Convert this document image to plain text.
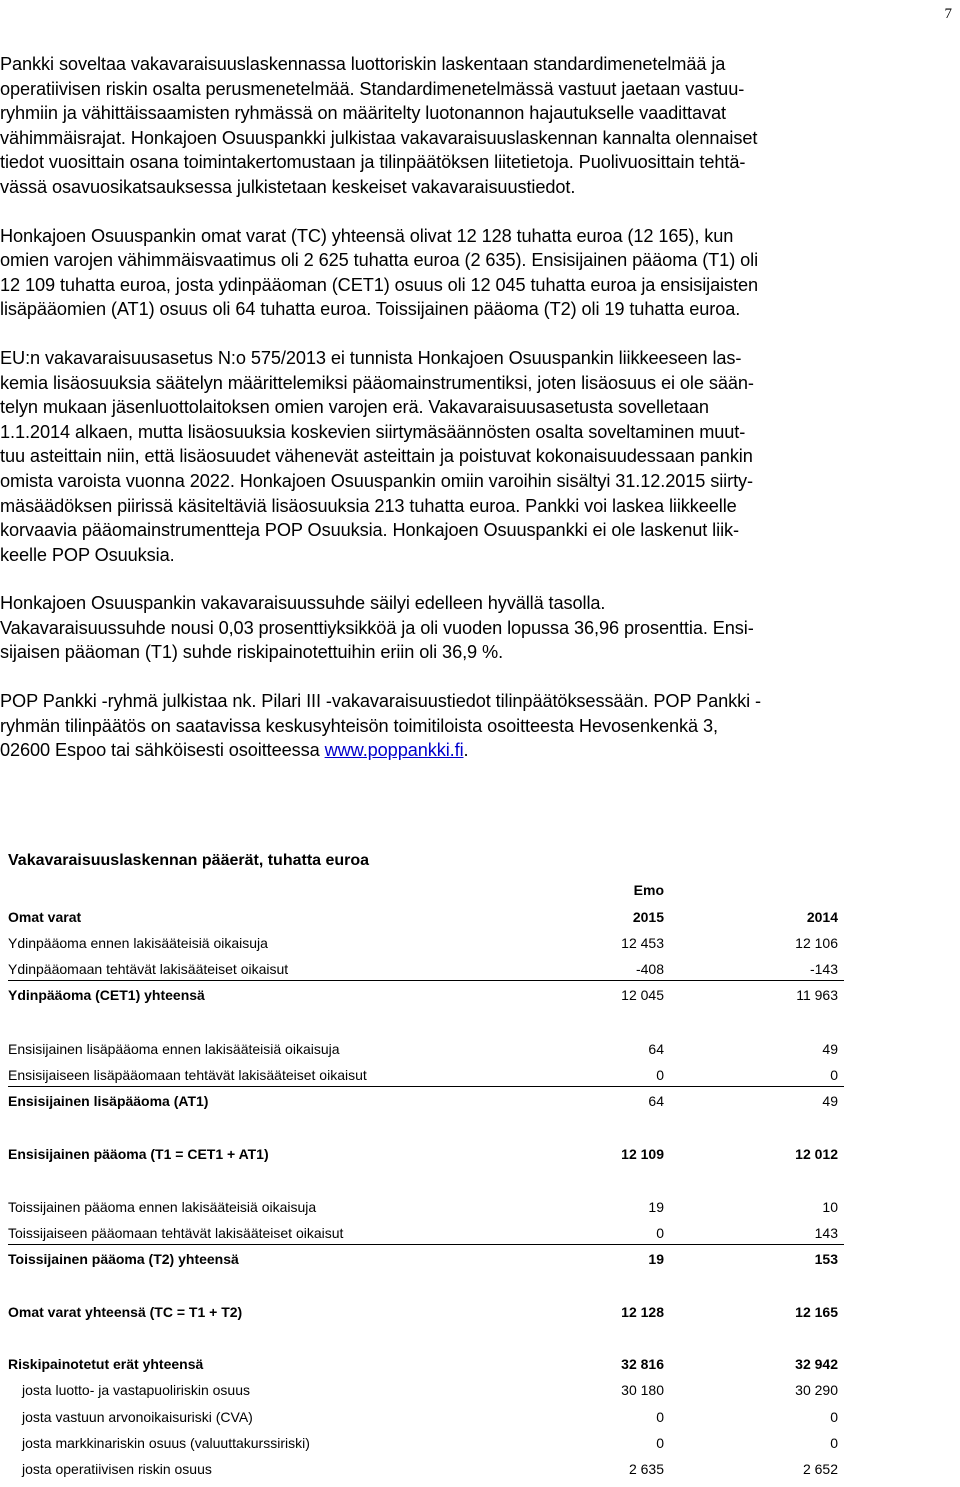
7

Pankki soveltaa vakavaraisuuslaskennassa luottoriskin laskentaan standardimenetelmää ja
operatiivisen riskin osalta perusmenetelmää. Standardimenetelmässä vastuut jaetaan vastuu-
ryhmiin ja vähittäissaamisten ryhmässä on määritelty luotonannon hajautukselle vaadittavat
vähimmäisrajat. Honkajoen Osuuspankki julkistaa vakavaraisuuslaskennan kannalta olennaiset
tiedot vuosittain osana toimintakertomustaan ja tilinpäätöksen liitetietoja. Puolivuosittain tehtä-
vässä osavuosikatsauksessa julkistetaan keskeiset vakavaraisuustiedot.

Honkajoen Osuuspankin omat varat (TC) yhteensä olivat 12 128 tuhatta euroa (12 165), kun
omien varojen vähimmäisvaatimus oli 2 625 tuhatta euroa (2 635). Ensisijainen pääoma (T1) oli
12 109 tuhatta euroa, josta ydinpääoman (CET1) osuus oli 12 045 tuhatta euroa ja ensisijaisten
lisäpääomien (AT1) osuus oli 64 tuhatta euroa. Toissijainen pääoma (T2) oli 19 tuhatta euroa.

EU:n vakavaraisuusasetus N:o 575/2013 ei tunnista Honkajoen Osuuspankin liikkeeseen las-
kemia lisäosuuksia säätelyn määrittelemiksi pääomainstrumentiksi, joten lisäosuus ei ole sään-
telyn mukaan jäsenluottolaitoksen omien varojen erä. Vakavaraisuusasetusta sovelletaan
1.1.2014 alkaen, mutta lisäosuuksia koskevien siirtymäsäännösten osalta soveltaminen muut-
tuu asteittain niin, että lisäosuudet vähenevät asteittain ja poistuvat kokonaisuudessaan pankin
omista varoista vuonna 2022. Honkajoen Osuuspankin omiin varoihin sisältyi 31.12.2015 siirty-
mäsäädöksen piirissä käsiteltäviä lisäosuuksia 213 tuhatta euroa. Pankki voi laskea liikkeelle
korvaavia pääomainstrumentteja POP Osuuksia. Honkajoen Osuuspankki ei ole laskenut liik-
keelle POP Osuuksia.

Honkajoen Osuuspankin vakavaraisuussuhde säilyi edelleen hyvällä tasolla.
Vakavaraisuussuhde nousi 0,03 prosenttiyksikköä ja oli vuoden lopussa 36,96 prosenttia. Ensi-
sijaisen pääoman (T1) suhde riskipainotettuihin eriin oli 36,9 %.

POP Pankki -ryhmä julkistaa nk. Pilari III -vakavaraisuustiedot tilinpäätöksessään. POP Pankki -
ryhmän tilinpäätös on saatavissa keskusyhteisön toimitiloista osoitteesta Hevosenkenkä 3,
02600 Espoo tai sähköisesti osoitteessa www.poppankki.fi.

Vakavaraisuuslaskennan pääerät, tuhatta euroa
Emo
Omat varat	2015	2014
Ydinpääoma ennen lakisääteisiä oikaisuja	12 453	12 106
Ydinpääomaan tehtävät lakisääteiset oikaisut	-408	-143
Ydinpääoma (CET1) yhteensä	12 045	11 963
Ensisijainen lisäpääoma ennen lakisääteisiä oikaisuja	64	49
Ensisijaiseen lisäpääomaan tehtävät lakisääteiset oikaisut	0	0
Ensisijainen lisäpääoma (AT1)	64	49
Ensisijainen pääoma (T1 = CET1 + AT1)	12 109	12 012
Toissijainen pääoma ennen lakisääteisiä oikaisuja	19	10
Toissijaiseen pääomaan tehtävät lakisääteiset oikaisut	0	143
Toissijainen pääoma (T2) yhteensä	19	153
Omat varat yhteensä (TC = T1 + T2)	12 128	12 165
Riskipainotetut erät yhteensä	32 816	32 942
josta luotto- ja vastapuoliriskin osuus	30 180	30 290
josta vastuun arvonoikaisuriski (CVA)	0	0
josta markkinariskin osuus (valuuttakurssiriski)	0	0
josta operatiivisen riskin osuus	2 635	2 652
